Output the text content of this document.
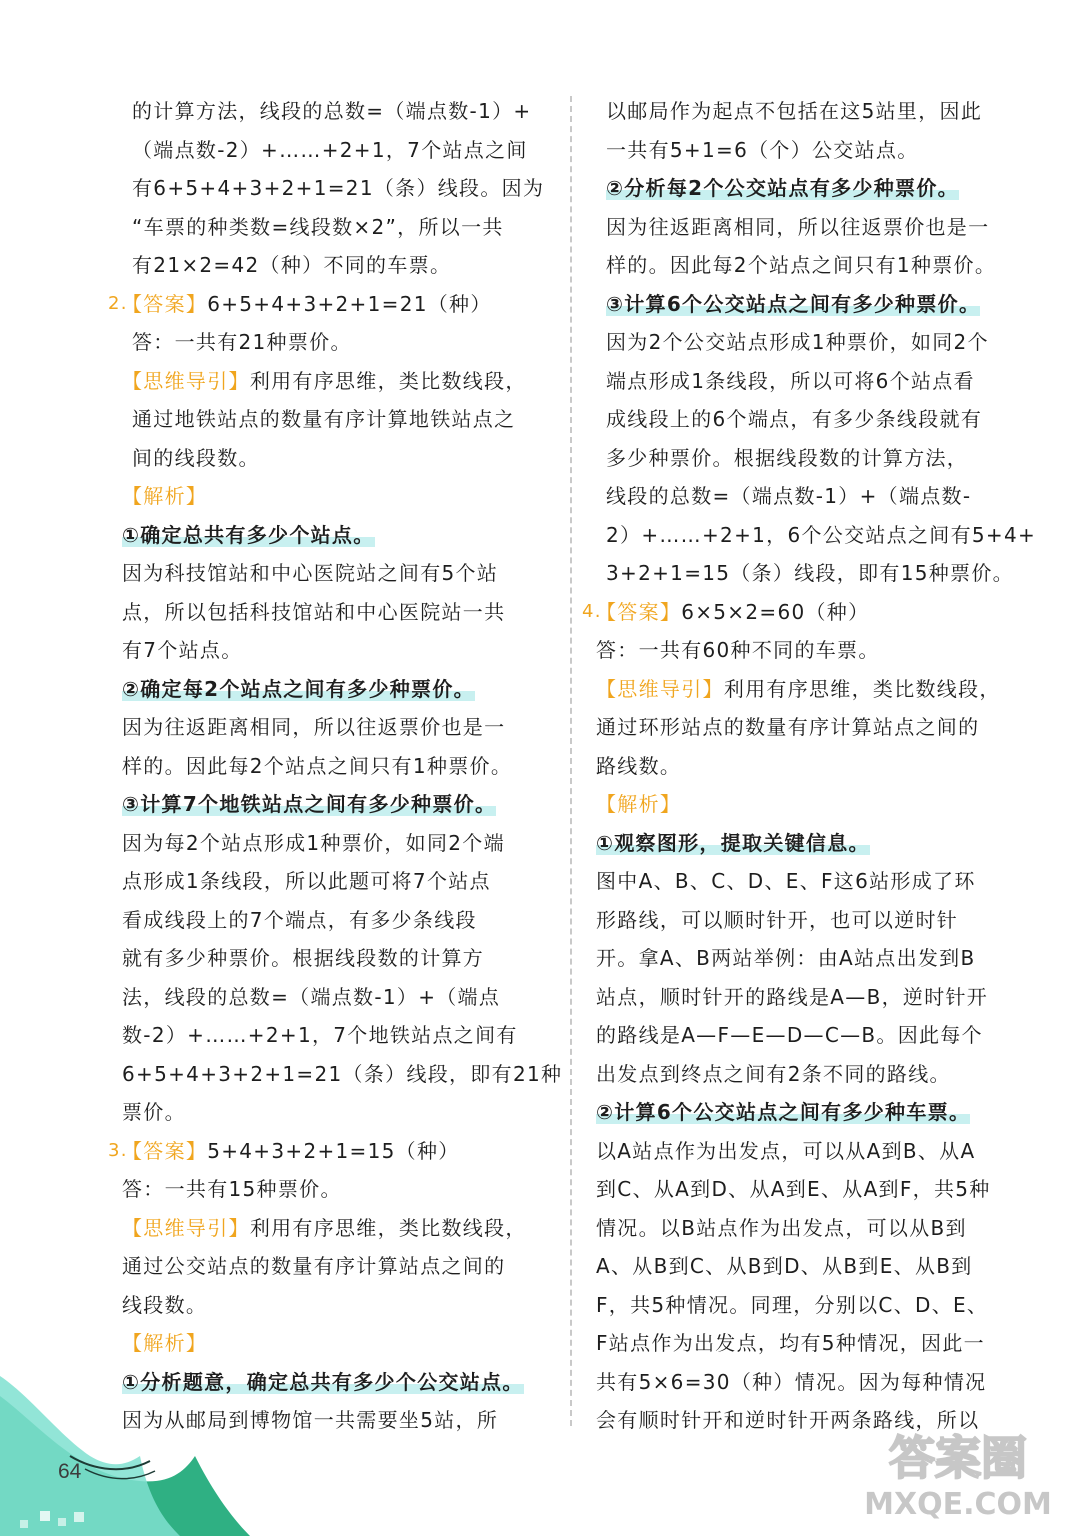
的计算方法，线段的总数=（端点数-1）+
（端点数-2）+……+2+1，7个站点之间
有6+5+4+3+2+1=21（条）线段。因为
“车票的种类数=线段数×2”，所以一共
有21×2=42（种）不同的车票。
2.
【答案】6+5+4+3+2+1=21（种）
答：一共有21种票价。
【思维导引】利用有序思维，类比数线段，
通过地铁站点的数量有序计算地铁站点之
间的线段数。
【解析】
①确定总共有多少个站点。
因为科技馆站和中心医院站之间有5个站
点，所以包括科技馆站和中心医院站一共
有7个站点。
②确定每2个站点之间有多少种票价。
因为往返距离相同，所以往返票价也是一
样的。因此每2个站点之间只有1种票价。
③计算7个地铁站点之间有多少种票价。
因为每2个站点形成1种票价，如同2个端
点形成1条线段，所以此题可将7个站点
看成线段上的7个端点，有多少条线段
就有多少种票价。根据线段数的计算方
法，线段的总数=（端点数-1）+（端点
数-2）+……+2+1，7个地铁站点之间有
6+5+4+3+2+1=21（条）线段，即有21种
票价。
3.
【答案】5+4+3+2+1=15（种）
答：一共有15种票价。
【思维导引】利用有序思维，类比数线段，
通过公交站点的数量有序计算站点之间的
线段数。
【解析】
①分析题意，确定总共有多少个公交站点。
因为从邮局到博物馆一共需要坐5站，所
以邮局作为起点不包括在这5站里，因此
一共有5+1=6（个）公交站点。
②分析每2个公交站点有多少种票价。
因为往返距离相同，所以往返票价也是一
样的。因此每2个站点之间只有1种票价。
③计算6个公交站点之间有多少种票价。
因为2个公交站点形成1种票价，如同2个
端点形成1条线段，所以可将6个站点看
成线段上的6个端点，有多少条线段就有
多少种票价。根据线段数的计算方法，
线段的总数=（端点数-1）+（端点数-
2）+……+2+1，6个公交站点之间有5+4+
3+2+1=15（条）线段，即有15种票价。
4.
【答案】6×5×2=60（种）
答：一共有60种不同的车票。
【思维导引】利用有序思维，类比数线段，
通过环形站点的数量有序计算站点之间的
路线数。
【解析】
①观察图形，提取关键信息。
图中A、B、C、D、E、F这6站形成了环
形路线，可以顺时针开，也可以逆时针
开。拿A、B两站举例：由A站点出发到B
站点，顺时针开的路线是A—B，逆时针开
的路线是A—F—E—D—C—B。因此每个
出发点到终点之间有2条不同的路线。
②计算6个公交站点之间有多少种车票。
以A站点作为出发点，可以从A到B、从A
到C、从A到D、从A到E、从A到F，共5种
情况。以B站点作为出发点，可以从B到
A、从B到C、从B到D、从B到E、从B到
F，共5种情况。同理，分别以C、D、E、
F站点作为出发点，均有5种情况，因此一
共有5×6=30（种）情况。因为每种情况
会有顺时针开和逆时针开两条路线，所以
64	答案圈
MXQE.COM
